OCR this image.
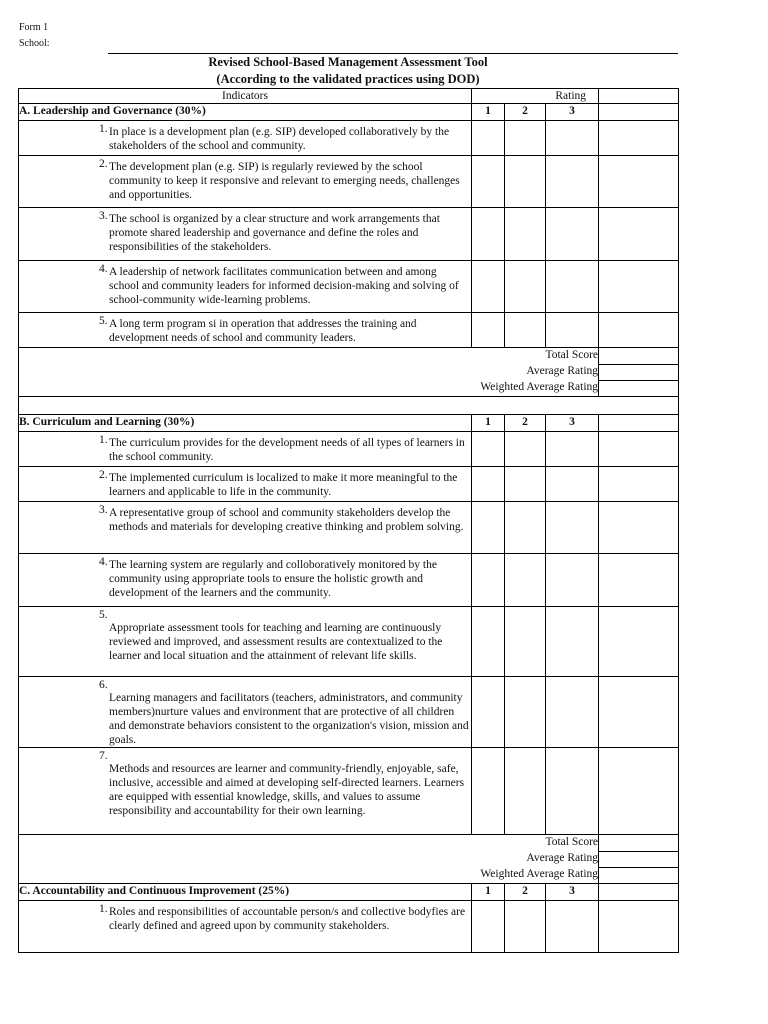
Form 1
School:
Revised School-Based Management Assessment Tool
(According to the validated practices using DOD)
Indicators	Rating			
A. Leadership and Governance (30%)	1	2	3	

1. In place is a development plan (e.g. SIP) developed collaboratively by the stakeholders of the school and community.				

2. The development plan (e.g. SIP) is regularly reviewed by the school community to keep it responsive and relevant to emerging needs, challenges and opportunities.				

3. The school is organized by a clear structure and work arrangements that promote shared leadership and governance and define the roles and responsibilities of the stakeholders.				

4. A leadership of network facilitates communication between and among school and community leaders for informed decision-making and solving of school-community wide-learning problems.				

5. A long term program si in operation that addresses the training and development needs of school and community leaders.				

Total Score				
Average Rating				
Weighted Average Rating				

B. Curriculum and Learning (30%)	1	2	3	

1. The curriculum provides for the development needs of all types of learners in the school community.				

2. The implemented curriculum is localized to make it more meaningful to the learners and applicable to life in the community.				

3. A representative group of school and community stakeholders develop the methods and materials for developing creative thinking and problem solving.				

4. The learning system are regularly and colloboratively monitored by the community using appropriate tools to ensure the holistic growth and development of the learners and the community.				

5.
Appropriate assessment tools for teaching and learning are continuously reviewed and improved, and assessment results are contextualized to the learner and local situation and the attainment of relevant life skills.				

6.
Learning managers and facilitators (teachers, administrators, and community members)nurture values and environment that are protective of all children and demonstrate behaviors consistent to the organization's vision, mission and goals.				

7.
Methods and resources are learner and community-friendly, enjoyable, safe, inclusive, accessible and aimed at developing self-directed learners. Learners are equipped with essential knowledge, skills, and values to assume responsibility and accountability for their own learning.				

Total Score				
Average Rating				
Weighted Average Rating				
C. Accountability and Continuous Improvement (25%)	1	2	3	

1. Roles and responsibilities of accountable person/s and collective bodyfies are clearly defined and agreed upon by community stakeholders.				
